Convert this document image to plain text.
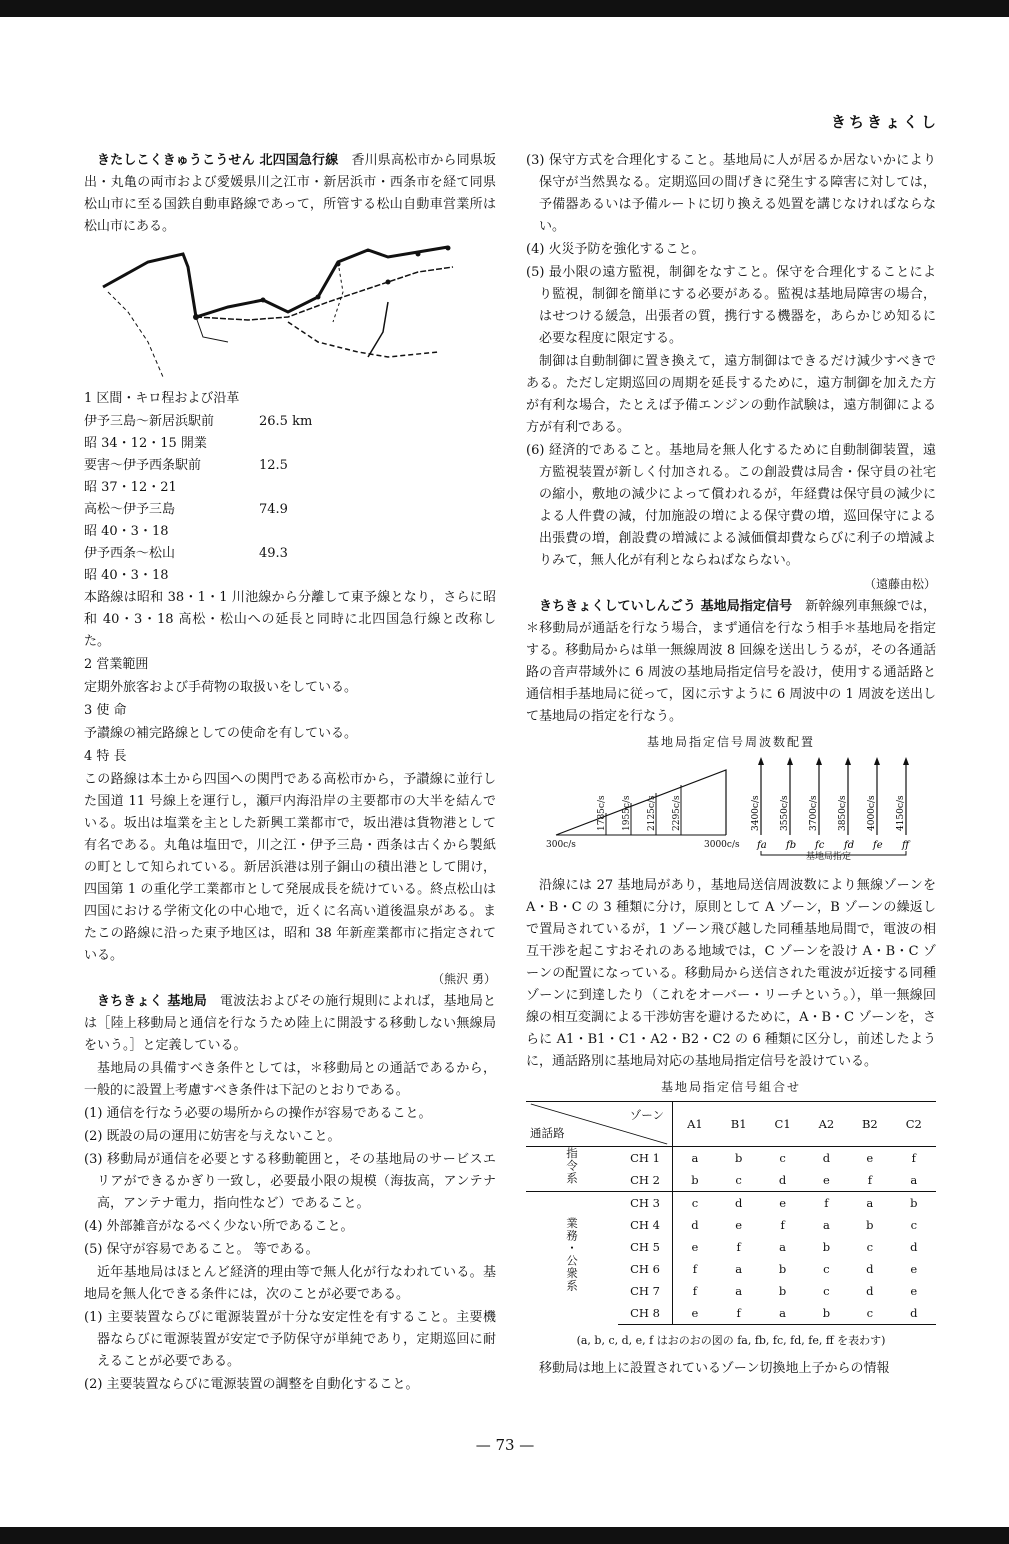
きちきょくし

きたしこくきゅうこうせん 北四国急行線　 香川県高松市から同県坂出・丸亀の両市および愛媛県川之江市・新居浜市・西条市を経て同県松山市に至る国鉄自動車路線であって，所管する松山自動車営業所は松山市にある。

1 区間・キロ程および沿革

伊予三島～新居浜駅前	26.5 km
昭 34・12・15 開業
要害～伊予西条駅前	12.5
昭 37・12・21
高松～伊予三島	74.9
昭 40・3・18
伊予西条～松山	49.3
昭 40・3・18

本路線は昭和 38・1・1 川池線から分離して東予線となり，さらに昭和 40・3・18 高松・松山への延長と同時に北四国急行線と改称した。

2 営業範囲

定期外旅客および手荷物の取扱いをしている。

3 使 命

予讃線の補完路線としての使命を有している。

4 特 長

この路線は本土から四国への関門である高松市から，予讃線に並行した国道 11 号線上を運行し，瀬戸内海沿岸の主要都市の大半を結んでいる。坂出は塩業を主とした新興工業都市で，坂出港は貨物港として有名である。丸亀は塩田で，川之江・伊予三島・西条は古くから製紙の町として知られている。新居浜港は別子銅山の積出港として開け，四国第 1 の重化学工業都市として発展成長を続けている。終点松山は四国における学術文化の中心地で，近くに名高い道後温泉がある。またこの路線に沿った東予地区は，昭和 38 年新産業都市に指定されている。

（熊沢 勇）

きちきょく 基地局　 電波法およびその施行規則によれば，基地局とは［陸上移動局と通信を行なうため陸上に開設する移動しない無線局をいう。］と定義している。

基地局の具備すべき条件としては，＊移動局との通話であるから，一般的に設置上考慮すべき条件は下記のとおりである。

(1) 通信を行なう必要の場所からの操作が容易であること。

(2) 既設の局の運用に妨害を与えないこと。

(3) 移動局が通信を必要とする移動範囲と，その基地局のサービスエリアができるかぎり一致し，必要最小限の規模（海抜高，アンテナ高，アンテナ電力，指向性など）であること。

(4) 外部雑音がなるべく少ない所であること。

(5) 保守が容易であること。 等である。

近年基地局はほとんど経済的理由等で無人化が行なわれている。基地局を無人化できる条件には，次のことが必要である。

(1) 主要装置ならびに電源装置が十分な安定性を有すること。主要機器ならびに電源装置が安定で予防保守が単純であり，定期巡回に耐えることが必要である。

(2) 主要装置ならびに電源装置の調整を自動化すること。

(3) 保守方式を合理化すること。基地局に人が居るか居ないかにより保守が当然異なる。定期巡回の間げきに発生する障害に対しては，予備器あるいは予備ルートに切り換える処置を講じなければならない。

(4) 火災予防を強化すること。

(5) 最小限の遠方監視，制御をなすこと。保守を合理化することにより監視，制御を簡単にする必要がある。監視は基地局障害の場合，はせつける緩急，出張者の質，携行する機器を，あらかじめ知るに必要な程度に限定する。

制御は自動制御に置き換えて，遠方制御はできるだけ減少すべきである。ただし定期巡回の周期を延長するために，遠方制御を加えた方が有利な場合，たとえば予備エンジンの動作試験は，遠方制御による方が有利である。

(6) 経済的であること。基地局を無人化するために自動制御装置，遠方監視装置が新しく付加される。この創設費は局舎・保守員の社宅の縮小，敷地の減少によって償われるが，年経費は保守員の減少による人件費の減，付加施設の増による保守費の増，巡回保守による出張費の増，創設費の増減による減価償却費ならびに利子の増減よりみて，無人化が有利とならねばならない。

（遠藤由松）

きちきょくしていしんごう 基地局指定信号　 新幹線列車無線では，＊移動局が通話を行なう場合，まず通信を行なう相手＊基地局を指定する。移動局からは単一無線周波 8 回線を送出しうるが，その各通話路の音声帯域外に 6 周波の基地局指定信号を設け，使用する通話路と通信相手基地局に従って，図に示すように 6 周波中の 1 周波を送出して基地局の指定を行なう。

基地局指定信号周波数配置

3400c/s
fa
3550c/s
fb
3700c/s
fc
3850c/s
fd
4000c/s
fe
4150c/s
ff
1785c/s 1955c/s 2125c/s 2295c/s
300c/s	3000c/s
基地局指定

沿線には 27 基地局があり，基地局送信周波数により無線ゾーンを A・B・C の 3 種類に分け，原則として A ゾーン，B ゾーンの繰返しで置局されているが，1 ゾーン飛び越した同種基地局間で，電波の相互干渉を起こすおそれのある地域では，C ゾーンを設け A・B・C ゾーンの配置になっている。移動局から送信された電波が近接する同種ゾーンに到達したり（これをオーバー・リーチという。），単一無線回線の相互変調による干渉妨害を避けるために，A・B・C ゾーンを，さらに A1・B1・C1・A2・B2・C2 の 6 種類に区分し，前述したように，通話路別に基地局対応の基地局指定信号を設けている。

基地局指定信号組合せ

ゾーン
通話路		A1	B1	C1	A2	B2	C2
指令系	CH 1	a	b	c	d	e	f
	CH 2	b	c	d	e	f	a
業務・公衆系	CH 3	c	d	e	f	a	b
	CH 4	d	e	f	a	b	c
	CH 5	e	f	a	b	c	d
	CH 6	f	a	b	c	d	e
	CH 7	f	a	b	c	d	e
	CH 8	e	f	a	b	c	d

(a, b, c, d, e, f はおのおの図の fa, fb, fc, fd, fe, ff を表わす)

移動局は地上に設置されているゾーン切換地上子からの情報

— 73 —
